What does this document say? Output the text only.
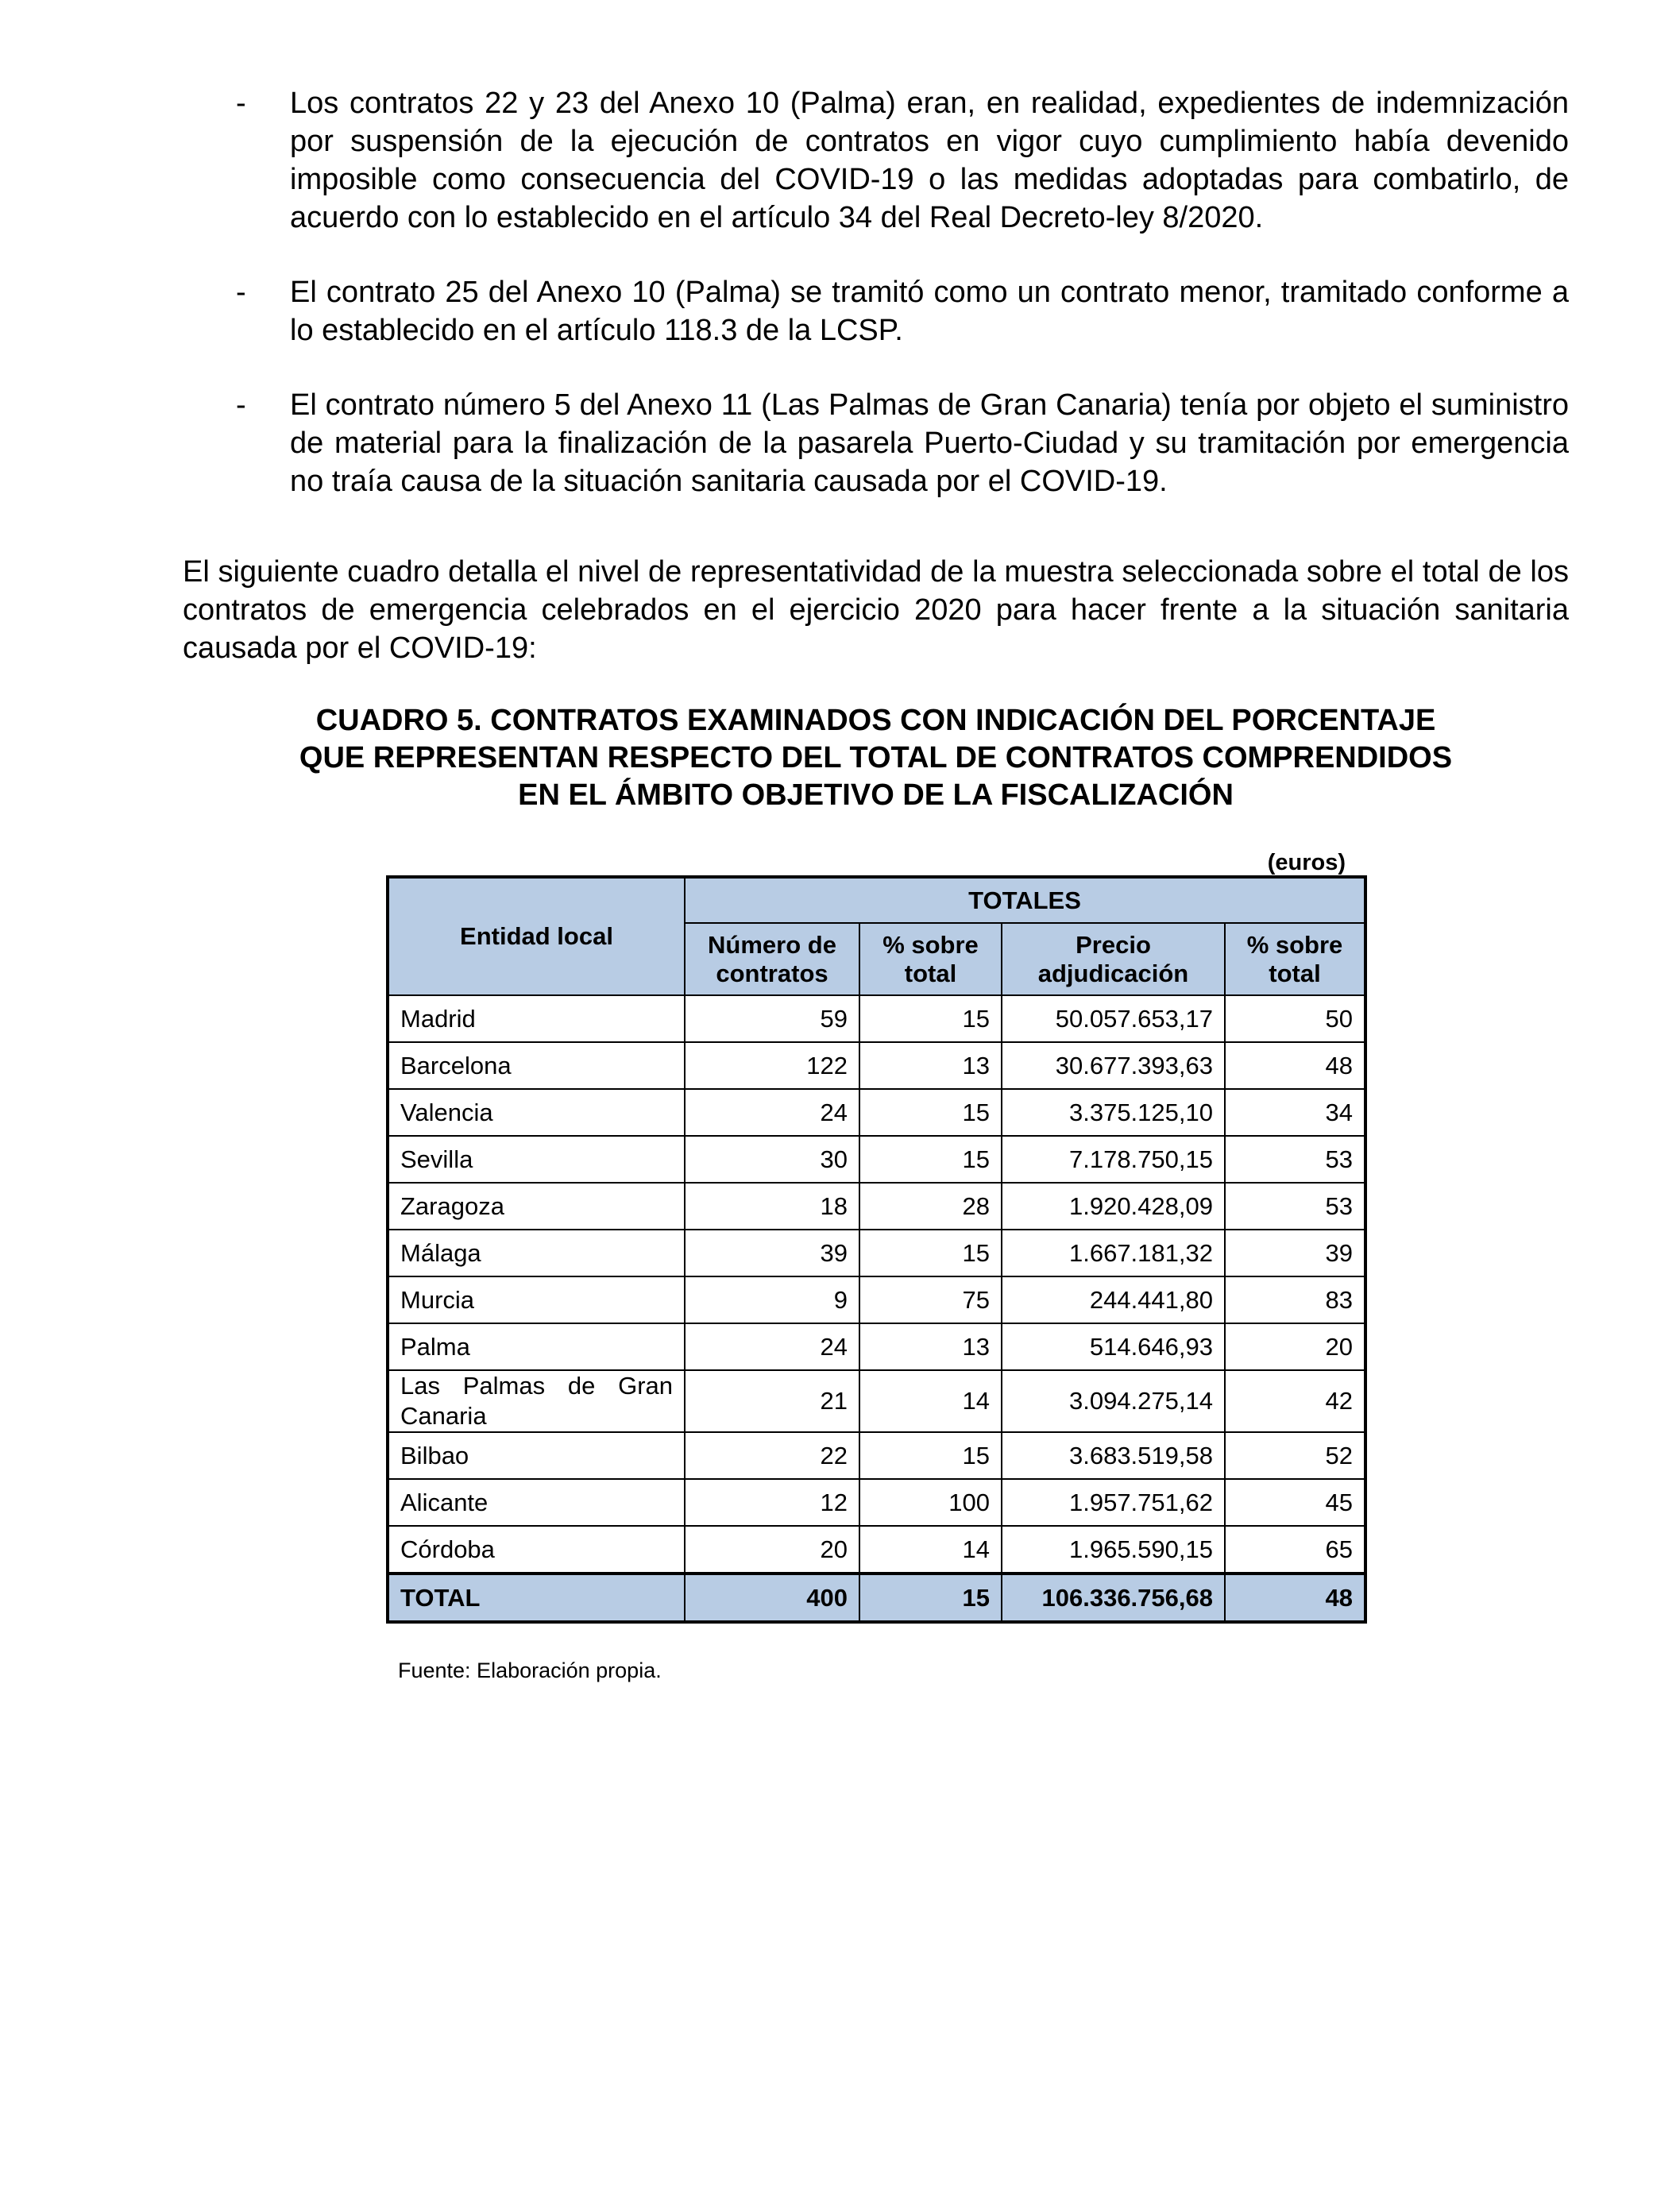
-	Los contratos 22 y 23 del Anexo 10 (Palma) eran, en realidad, expedientes de indemnización por suspensión de la ejecución de contratos en vigor cuyo cumplimiento había devenido imposible como consecuencia del COVID-19 o las medidas adoptadas para combatirlo, de acuerdo con lo establecido en el artículo 34 del Real Decreto-ley 8/2020.
-	El contrato 25 del Anexo 10 (Palma) se tramitó como un contrato menor, tramitado conforme a lo establecido en el artículo 118.3 de la LCSP.
-	El contrato número 5 del Anexo 11 (Las Palmas de Gran Canaria) tenía por objeto el suministro de material para la finalización de la pasarela Puerto-Ciudad y su tramitación por emergencia no traía causa de la situación sanitaria causada por el COVID-19.
El siguiente cuadro detalla el nivel de representatividad de la muestra seleccionada sobre el total de los contratos de emergencia celebrados en el ejercicio 2020 para hacer frente a la situación sanitaria causada por el COVID-19:
CUADRO 5. CONTRATOS EXAMINADOS CON INDICACIÓN DEL PORCENTAJE
QUE REPRESENTAN RESPECTO DEL TOTAL DE CONTRATOS COMPRENDIDOS
EN EL ÁMBITO OBJETIVO DE LA FISCALIZACIÓN
(euros)
Entidad local	TOTALES			
	Número de contratos	% sobre total	Precio adjudicación	% sobre total
Madrid	59	15	50.057.653,17	50
Barcelona	122	13	30.677.393,63	48
Valencia	24	15	3.375.125,10	34
Sevilla	30	15	7.178.750,15	53
Zaragoza	18	28	1.920.428,09	53
Málaga	39	15	1.667.181,32	39
Murcia	9	75	244.441,80	83
Palma	24	13	514.646,93	20
Las Palmas de Gran Canaria	21	14	3.094.275,14	42
Bilbao	22	15	3.683.519,58	52
Alicante	12	100	1.957.751,62	45
Córdoba	20	14	1.965.590,15	65
TOTAL	400	15	106.336.756,68	48
Fuente: Elaboración propia.
